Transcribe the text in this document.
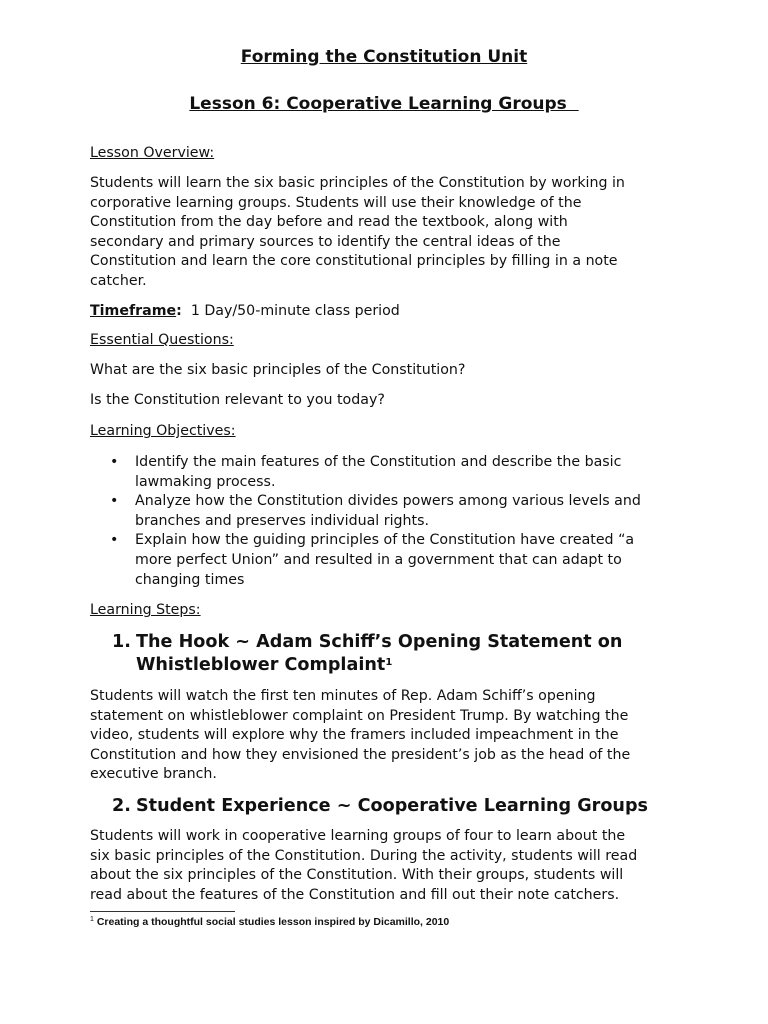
Forming the Constitution Unit
Lesson 6: Cooperative Learning Groups
Lesson Overview:
Students will learn the six basic principles of the Constitution by working in
corporative learning groups. Students will use their knowledge of the
Constitution from the day before and read the textbook, along with
secondary and primary sources to identify the central ideas of the
Constitution and learn the core constitutional principles by filling in a note
catcher.
Timeframe:  1 Day/50-minute class period
Essential Questions:
What are the six basic principles of the Constitution?
Is the Constitution relevant to you today?
Learning Objectives:
• Identify the main features of the Constitution and describe the basic
lawmaking process.
• Analyze how the Constitution divides powers among various levels and
branches and preserves individual rights.
• Explain how the guiding principles of the Constitution have created “a
more perfect Union” and resulted in a government that can adapt to
changing times
Learning Steps:
1. The Hook ~ Adam Schiff’s Opening Statement on
Whistleblower Complaint$^1$
Students will watch the first ten minutes of Rep. Adam Schiff’s opening
statement on whistleblower complaint on President Trump. By watching the
video, students will explore why the framers included impeachment in the
Constitution and how they envisioned the president’s job as the head of the
executive branch.
2. Student Experience ~ Cooperative Learning Groups
Students will work in cooperative learning groups of four to learn about the
six basic principles of the Constitution. During the activity, students will read
about the six principles of the Constitution. With their groups, students will
read about the features of the Constitution and fill out their note catchers.
$^1$ Creating a thoughtful social studies lesson inspired by Dicamillo, 2010
